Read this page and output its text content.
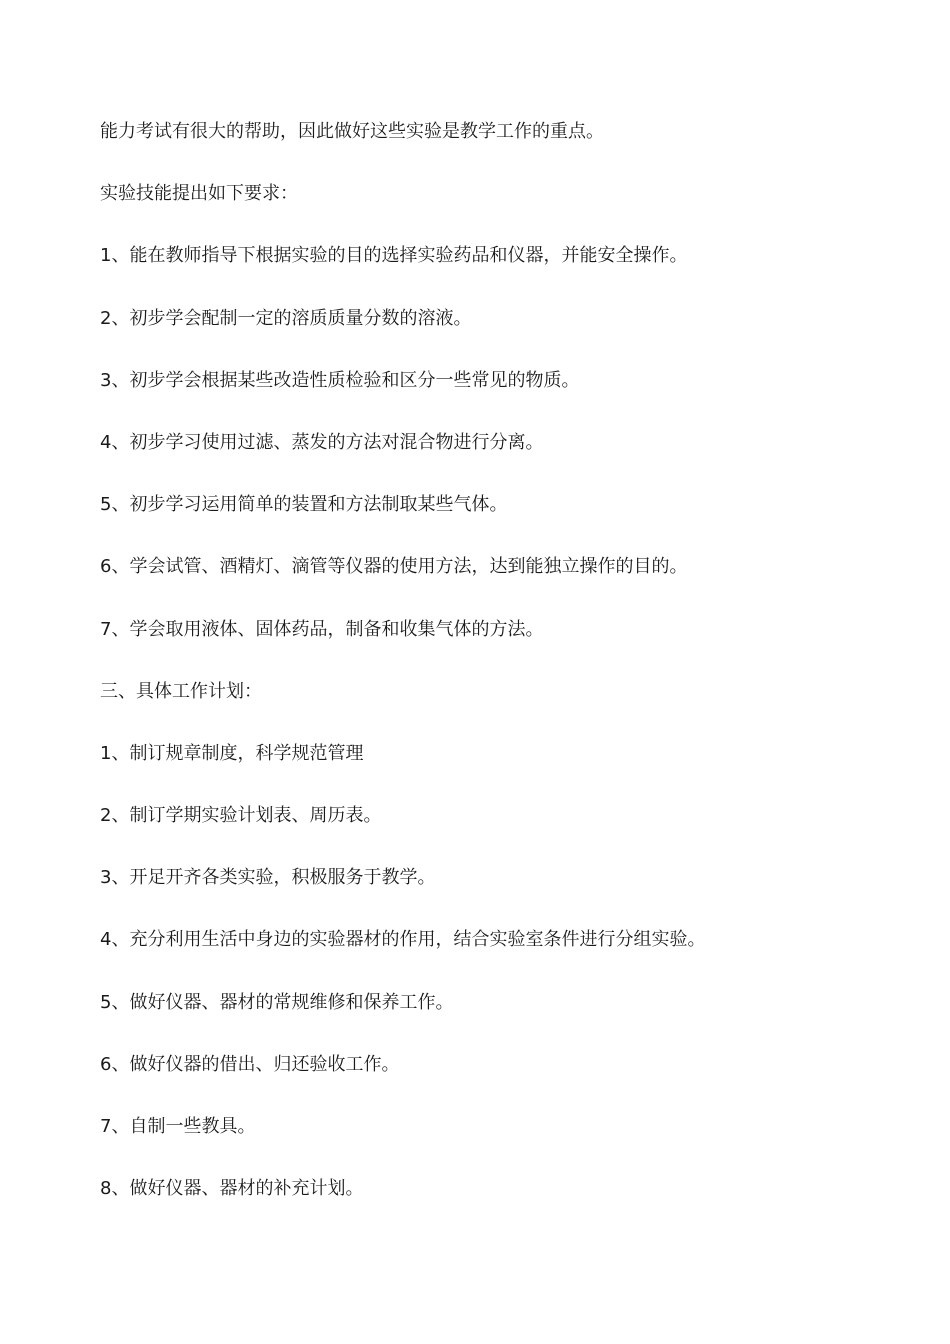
能力考试有很大的帮助，因此做好这些实验是教学工作的重点。
实验技能提出如下要求：
1、能在教师指导下根据实验的目的选择实验药品和仪器，并能安全操作。
2、初步学会配制一定的溶质质量分数的溶液。
3、初步学会根据某些改造性质检验和区分一些常见的物质。
4、初步学习使用过滤、蒸发的方法对混合物进行分离。
5、初步学习运用简单的装置和方法制取某些气体。
6、学会试管、酒精灯、滴管等仪器的使用方法，达到能独立操作的目的。
7、学会取用液体、固体药品，制备和收集气体的方法。
三、具体工作计划：
1、制订规章制度，科学规范管理
2、制订学期实验计划表、周历表。
3、开足开齐各类实验，积极服务于教学。
4、充分利用生活中身边的实验器材的作用，结合实验室条件进行分组实验。
5、做好仪器、器材的常规维修和保养工作。
6、做好仪器的借出、归还验收工作。
7、自制一些教具。
8、做好仪器、器材的补充计划。
